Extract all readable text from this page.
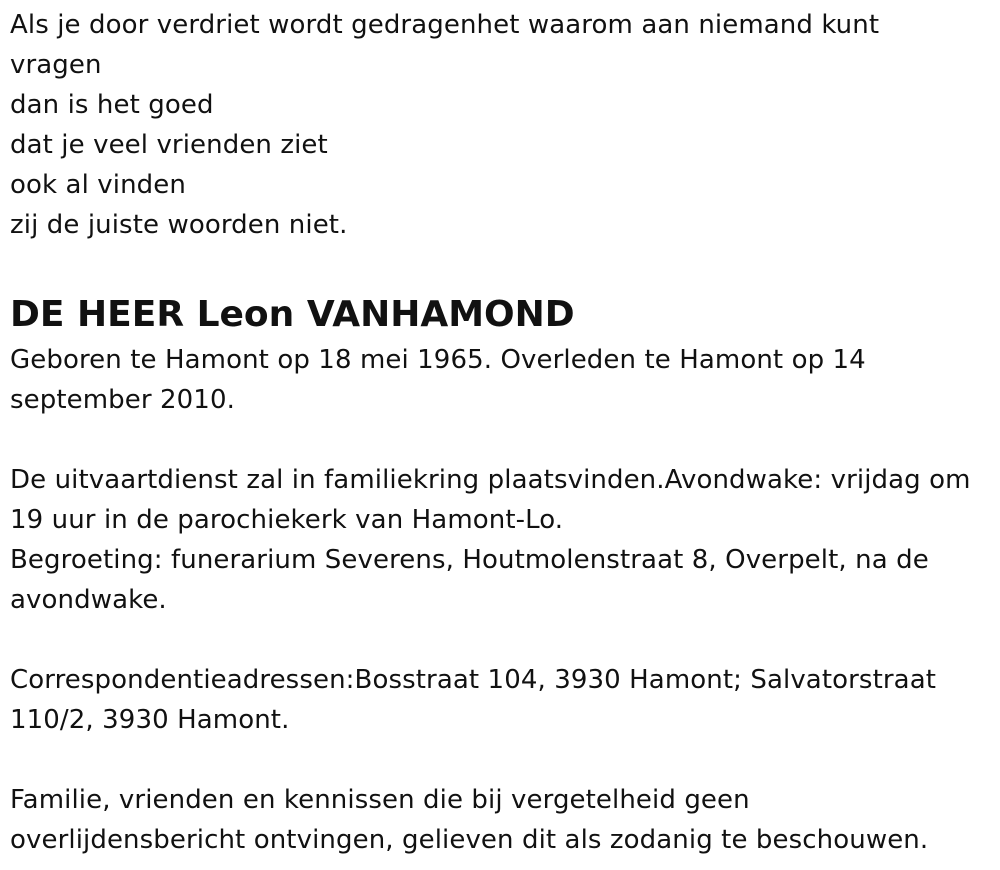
Als je door verdriet wordt gedragenhet waarom aan niemand kunt
vragen
dan is het goed
dat je veel vrienden ziet
ook al vinden
zij de juiste woorden niet.
DE HEER Leon VANHAMOND
Geboren te Hamont op 18 mei 1965. Overleden te Hamont op 14
september 2010.
De uitvaartdienst zal in familiekring plaatsvinden.Avondwake: vrijdag om
19 uur in de parochiekerk van Hamont-Lo.
Begroeting: funerarium Severens, Houtmolenstraat 8, Overpelt, na de
avondwake.
Correspondentieadressen:Bosstraat 104, 3930 Hamont; Salvatorstraat
110/2, 3930 Hamont.
Familie, vrienden en kennissen die bij vergetelheid geen
overlijdensbericht ontvingen, gelieven dit als zodanig te beschouwen.
